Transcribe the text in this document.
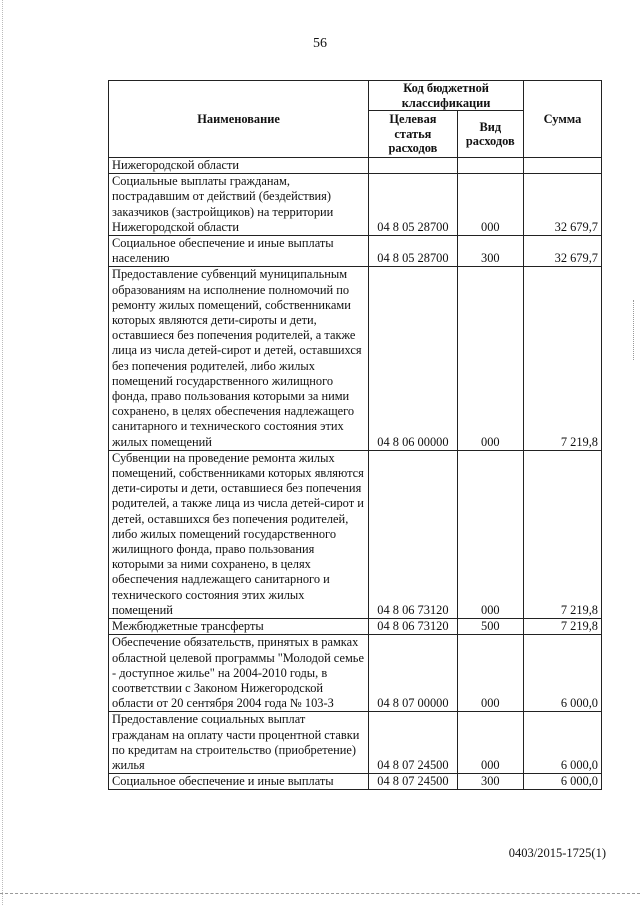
56
Наименование	Код бюджетной классификации		Сумма
	Целевая статья расходов	Вид расходов	
Нижегородской области			
Социальные выплаты гражданам, пострадавшим от действий (бездействия) заказчиков (застройщиков) на территории Нижегородской области	04 8 05 28700	000	32 679,7
Социальное обеспечение и иные выплаты населению	04 8 05 28700	300	32 679,7
Предоставление субвенций муниципальным образованиям на исполнение полномочий по ремонту жилых помещений, собственниками которых являются дети-сироты и дети, оставшиеся без попечения родителей, а также лица из числа детей-сирот и детей, оставшихся без попечения родителей, либо жилых помещений государственного жилищного фонда, право пользования которыми за ними сохранено, в целях обеспечения надлежащего санитарного и технического состояния этих жилых помещений	04 8 06 00000	000	7 219,8
Субвенции на проведение ремонта жилых помещений, собственниками которых являются дети-сироты и дети, оставшиеся без попечения родителей, а также лица из числа детей-сирот и детей, оставшихся без попечения родителей, либо жилых помещений государственного жилищного фонда, право пользования которыми за ними сохранено, в целях обеспечения надлежащего санитарного и технического состояния этих жилых помещений	04 8 06 73120	000	7 219,8
Межбюджетные трансферты	04 8 06 73120	500	7 219,8
Обеспечение обязательств, принятых в рамках областной целевой программы "Молодой семье - доступное жилье" на 2004-2010 годы, в соответствии с Законом Нижегородской области от 20 сентября 2004 года № 103-З	04 8 07 00000	000	6 000,0
Предоставление социальных выплат гражданам на оплату части процентной ставки по кредитам на строительство (приобретение) жилья	04 8 07 24500	000	6 000,0
Социальное обеспечение и иные выплаты	04 8 07 24500	300	6 000,0
0403/2015-1725(1)
